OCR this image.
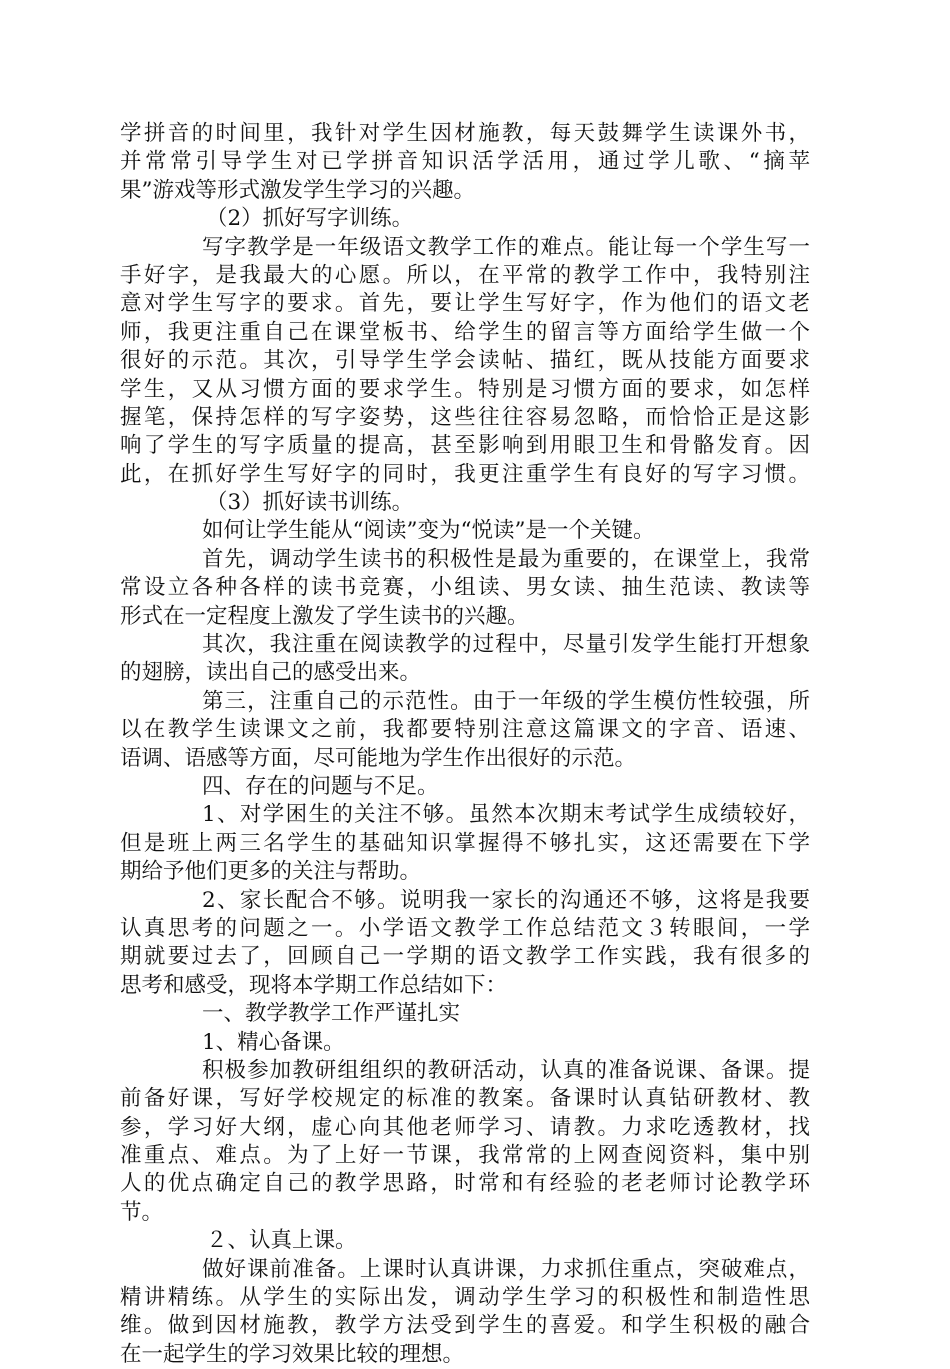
学拼音的时间里，我针对学生因材施教，每天鼓舞学生读课外书，
并常常引导学生对已学拼音知识活学活用，通过学儿歌、“摘苹
果”游戏等形式激发学生学习的兴趣。
（2）抓好写字训练。
写字教学是一年级语文教学工作的难点。能让每一个学生写一
手好字，是我最大的心愿。所以，在平常的教学工作中，我特别注
意对学生写字的要求。首先，要让学生写好字，作为他们的语文老
师，我更注重自己在课堂板书、给学生的留言等方面给学生做一个
很好的示范。其次，引导学生学会读帖、描红，既从技能方面要求
学生，又从习惯方面的要求学生。特别是习惯方面的要求，如怎样
握笔，保持怎样的写字姿势，这些往往容易忽略，而恰恰正是这影
响了学生的写字质量的提高，甚至影响到用眼卫生和骨骼发育。因
此，在抓好学生写好字的同时，我更注重学生有良好的写字习惯。
（3）抓好读书训练。
如何让学生能从“阅读”变为“悦读”是一个关键。
首先，调动学生读书的积极性是最为重要的，在课堂上，我常
常设立各种各样的读书竞赛，小组读、男女读、抽生范读、教读等
形式在一定程度上激发了学生读书的兴趣。
其次，我注重在阅读教学的过程中，尽量引发学生能打开想象
的翅膀，读出自己的感受出来。
第三，注重自己的示范性。由于一年级的学生模仿性较强，所
以在教学生读课文之前，我都要特别注意这篇课文的字音、语速、
语调、语感等方面，尽可能地为学生作出很好的示范。
四、存在的问题与不足。
1、对学困生的关注不够。虽然本次期末考试学生成绩较好，
但是班上两三名学生的基础知识掌握得不够扎实，这还需要在下学
期给予他们更多的关注与帮助。
2、家长配合不够。说明我一家长的沟通还不够，这将是我要
认真思考的问题之一。小学语文教学工作总结范文３转眼间，一学
期就要过去了，回顾自己一学期的语文教学工作实践，我有很多的
思考和感受，现将本学期工作总结如下：
一、教学教学工作严谨扎实
1、精心备课。
积极参加教研组组织的教研活动，认真的准备说课、备课。提
前备好课，写好学校规定的标准的教案。备课时认真钻研教材、教
参，学习好大纲，虚心向其他老师学习、请教。力求吃透教材，找
准重点、难点。为了上好一节课，我常常的上网查阅资料，集中别
人的优点确定自己的教学思路，时常和有经验的老老师讨论教学环
节。
２、认真上课。
做好课前准备。上课时认真讲课，力求抓住重点，突破难点，
精讲精练。从学生的实际出发，调动学生学习的积极性和制造性思
维。做到因材施教，教学方法受到学生的喜爱。和学生积极的融合
在一起学生的学习效果比较的理想。
